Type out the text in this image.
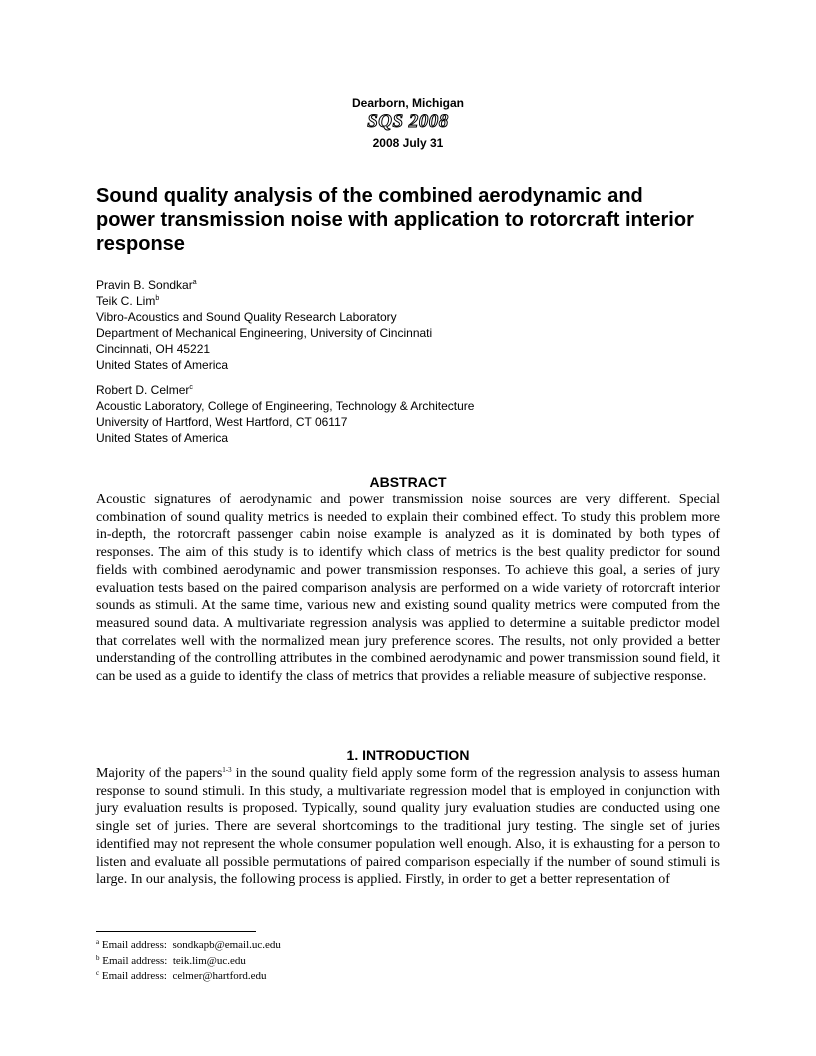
Dearborn, Michigan
SQS 2008
2008 July 31
Sound quality analysis of the combined aerodynamic and power transmission noise with application to rotorcraft interior response
Pravin B. Sondkar$^a$
Teik C. Lim$^b$
Vibro-Acoustics and Sound Quality Research Laboratory
Department of Mechanical Engineering, University of Cincinnati
Cincinnati, OH 45221
United States of America
Robert D. Celmer$^c$
Acoustic Laboratory, College of Engineering, Technology & Architecture
University of Hartford, West Hartford, CT 06117
United States of America
ABSTRACT

Acoustic signatures of aerodynamic and power transmission noise sources are very different. Special combination of sound quality metrics is needed to explain their combined effect. To study this problem more in-depth, the rotorcraft passenger cabin noise example is analyzed as it is dominated by both types of responses. The aim of this study is to identify which class of metrics is the best quality predictor for sound fields with combined aerodynamic and power transmission responses. To achieve this goal, a series of jury evaluation tests based on the paired comparison analysis are performed on a wide variety of rotorcraft interior sounds as stimuli. At the same time, various new and existing sound quality metrics were computed from the measured sound data. A multivariate regression analysis was applied to determine a suitable predictor model that correlates well with the normalized mean jury preference scores. The results, not only provided a better understanding of the controlling attributes in the combined aerodynamic and power transmission sound field, it can be used as a guide to identify the class of metrics that provides a reliable measure of subjective response.

1. INTRODUCTION

Majority of the papers$^{1-3}$ in the sound quality field apply some form of the regression analysis to assess human response to sound stimuli. In this study, a multivariate regression model that is employed in conjunction with jury evaluation results is proposed. Typically, sound quality jury evaluation studies are conducted using one single set of juries. There are several shortcomings to the traditional jury testing. The single set of juries identified may not represent the whole consumer population well enough. Also, it is exhausting for a person to listen and evaluate all possible permutations of paired comparison especially if the number of sound stimuli is large. In our analysis, the following process is applied. Firstly, in order to get a better representation of

$^a$ Email address: sondkapb@email.uc.edu
$^b$ Email address: teik.lim@uc.edu
$^c$ Email address: celmer@hartford.edu
